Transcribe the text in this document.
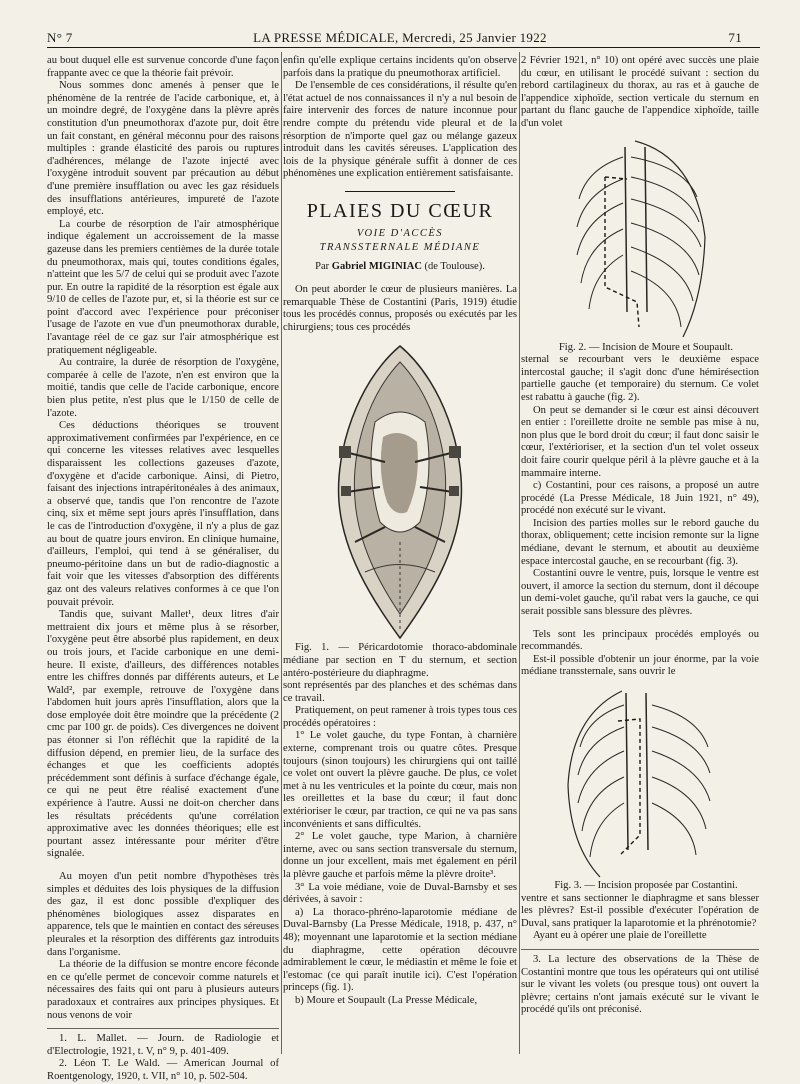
N° 7	LA PRESSE MÉDICALE, Mercredi, 25 Janvier 1922	71

au bout duquel elle est survenue concorde d'une façon frappante avec ce que la théorie fait prévoir.

Nous sommes donc amenés à penser que le phénomène de la rentrée de l'acide carbonique, et, à un moindre degré, de l'oxygène dans la plèvre après constitution d'un pneumothorax d'azote pur, doit être un fait constant, en général méconnu pour des raisons multiples : grande élasticité des parois ou ruptures d'adhérences, mélange de l'azote injecté avec l'oxygène introduit souvent par précaution au début d'une première insufflation ou avec les gaz résiduels des insufflations antérieures, impureté de l'azote employé, etc.

La courbe de résorption de l'air atmosphérique indique également un accroissement de la masse gazeuse dans les premiers centièmes de la durée totale du pneumothorax, mais qui, toutes conditions égales, n'atteint que les 5/7 de celui qui se produit avec l'azote pur. En outre la rapidité de la résorption est égale aux 9/10 de celles de l'azote pur, et, si la théorie est sur ce point d'accord avec l'expérience pour préconiser l'usage de l'azote en vue d'un pneumothorax durable, l'avantage réel de ce gaz sur l'air atmosphérique est pratiquement négligeable.

Au contraire, la durée de résorption de l'oxygène, comparée à celle de l'azote, n'en est environ que la moitié, tandis que celle de l'acide carbonique, encore bien plus petite, n'est plus que le 1/150 de celle de l'azote.

Ces déductions théoriques se trouvent approximativement confirmées par l'expérience, en ce qui concerne les vitesses relatives avec lesquelles disparaissent les collections gazeuses d'azote, d'oxygène et d'acide carbonique. Ainsi, di Pietro, faisant des injections intrapéritonéales à des animaux, a observé que, tandis que l'on rencontre de l'azote cinq, six et même sept jours après l'insufflation, dans le cas de l'introduction d'oxygène, il n'y a plus de gaz au bout de quatre jours environ. En clinique humaine, d'ailleurs, l'emploi, qui tend à se généraliser, du pneumo-péritoine dans un but de radio-diagnostic a fait voir que les vitesses d'absorption des différents gaz ont des valeurs relatives conformes à ce que l'on pouvait prévoir.

Tandis que, suivant Mallet¹, deux litres d'air mettraient dix jours et même plus à se résorber, l'oxygène peut être absorbé plus rapidement, en deux ou trois jours, et l'acide carbonique en une demi-heure. Il existe, d'ailleurs, des différences notables entre les chiffres donnés par différents auteurs, et Le Wald², par exemple, retrouve de l'oxygène dans l'abdomen huit jours après l'insufflation, alors que la dose employée doit être moindre que la précédente (2 cmc par 100 gr. de poids). Ces divergences ne doivent pas étonner si l'on réfléchit que la rapidité de la diffusion dépend, en premier lieu, de la surface des échanges et que les coefficients adoptés précédemment sont définis à surface d'échange égale, ce qui ne peut être réalisé exactement d'une expérience à l'autre. Aussi ne doit-on chercher dans les résultats précédents qu'une corrélation approximative avec les données théoriques; elle est pourtant assez intéressante pour mériter d'être signalée.

Au moyen d'un petit nombre d'hypothèses très simples et déduites des lois physiques de la diffusion des gaz, il est donc possible d'expliquer des phénomènes biologiques assez disparates en apparence, tels que le maintien en contact des séreuses pleurales et la résorption des différents gaz introduits dans l'organisme.

La théorie de la diffusion se montre encore féconde en ce qu'elle permet de concevoir comme naturels et nécessaires des faits qui ont paru à plusieurs auteurs paradoxaux et contraires aux principes physiques. Et nous venons de voir

1. L. Mallet. — Journ. de Radiologie et d'Electrologie, 1921, t. V, n° 9, p. 401-409.

2. Léon T. Le Wald. — American Journal of Roentgenology, 1920, t. VII, n° 10, p. 502-504.

enfin qu'elle explique certains incidents qu'on observe parfois dans la pratique du pneumothorax artificiel.

De l'ensemble de ces considérations, il résulte qu'en l'état actuel de nos connaissances il n'y a nul besoin de faire intervenir des forces de nature inconnue pour rendre compte du prétendu vide pleural et de la résorption de n'importe quel gaz ou mélange gazeux introduit dans les cavités séreuses. L'application des lois de la physique générale suffit à donner de ces phénomènes une explication entièrement satisfaisante.

PLAIES DU CŒUR
VOIE D'ACCÈS
TRANSSTERNALE MÉDIANE
Par Gabriel MIGINIAC (de Toulouse).

On peut aborder le cœur de plusieurs manières. La remarquable Thèse de Costantini (Paris, 1919) étudie tous les procédés connus, proposés ou exécutés par les chirurgiens; tous ces procédés

Fig. 1. — Péricardotomie thoraco-abdominale médiane par section en T du sternum, et section antéro-postérieure du diaphragme.

sont représentés par des planches et des schémas dans ce travail.

Pratiquement, on peut ramener à trois types tous ces procédés opératoires :

1° Le volet gauche, du type Fontan, à charnière externe, comprenant trois ou quatre côtes. Presque toujours (sinon toujours) les chirurgiens qui ont taillé ce volet ont ouvert la plèvre gauche. De plus, ce volet met à nu les ventricules et la pointe du cœur, mais non les oreillettes et la base du cœur; il faut donc extérioriser le cœur, par traction, ce qui ne va pas sans inconvénients et sans difficultés.

2° Le volet gauche, type Marion, à charnière interne, avec ou sans section transversale du sternum, donne un jour excellent, mais met également en péril la plèvre gauche et parfois même la plèvre droite³.

3° La voie médiane, voie de Duval-Barnsby et ses dérivées, à savoir :

a) La thoraco-phréno-laparotomie médiane de Duval-Barnsby (La Presse Médicale, 1918, p. 437, n° 48); moyennant une laparotomie et la section médiane du diaphragme, cette opération découvre admirablement le cœur, le médiastin et même le foie et l'estomac (ce qui paraît inutile ici). C'est l'opération princeps (fig. 1).

b) Moure et Soupault (La Presse Médicale,

2 Février 1921, n° 10) ont opéré avec succès une plaie du cœur, en utilisant le procédé suivant : section du rebord cartilagineux du thorax, au ras et à gauche de l'appendice xiphoïde, section verticale du sternum en partant du flanc gauche de l'appendice xiphoïde, taille d'un volet

Fig. 2. — Incision de Moure et Soupault.

sternal se recourbant vers le deuxième espace intercostal gauche; il s'agit donc d'une hémirésection partielle gauche (et temporaire) du sternum. Ce volet est rabattu à gauche (fig. 2).

On peut se demander si le cœur est ainsi découvert en entier : l'oreillette droite ne semble pas mise à nu, non plus que le bord droit du cœur; il faut donc saisir le cœur, l'extérioriser, et la section d'un tel volet osseux doit faire courir quelque péril à la plèvre gauche et à la mammaire interne.

c) Costantini, pour ces raisons, a proposé un autre procédé (La Presse Médicale, 18 Juin 1921, n° 49), procédé non exécuté sur le vivant.

Incision des parties molles sur le rebord gauche du thorax, obliquement; cette incision remonte sur la ligne médiane, devant le sternum, et aboutit au deuxième espace intercostal gauche, en se recourbant (fig. 3).

Costantini ouvre le ventre, puis, lorsque le ventre est ouvert, il amorce la section du sternum, dont il découpe un demi-volet gauche, qu'il rabat vers la gauche, ce qui serait possible sans blessure des plèvres.

Tels sont les principaux procédés employés ou recommandés.

Est-il possible d'obtenir un jour énorme, par la voie médiane transsternale, sans ouvrir le

Fig. 3. — Incision proposée par Costantini.

ventre et sans sectionner le diaphragme et sans blesser les plèvres? Est-il possible d'exécuter l'opération de Duval, sans pratiquer la laparotomie et la phrénotomie?

Ayant eu à opérer une plaie de l'oreillette

3. La lecture des observations de la Thèse de Costantini montre que tous les opérateurs qui ont utilisé sur le vivant les volets (ou presque tous) ont ouvert la plèvre; certains n'ont jamais exécuté sur le vivant le procédé qu'ils ont préconisé.
